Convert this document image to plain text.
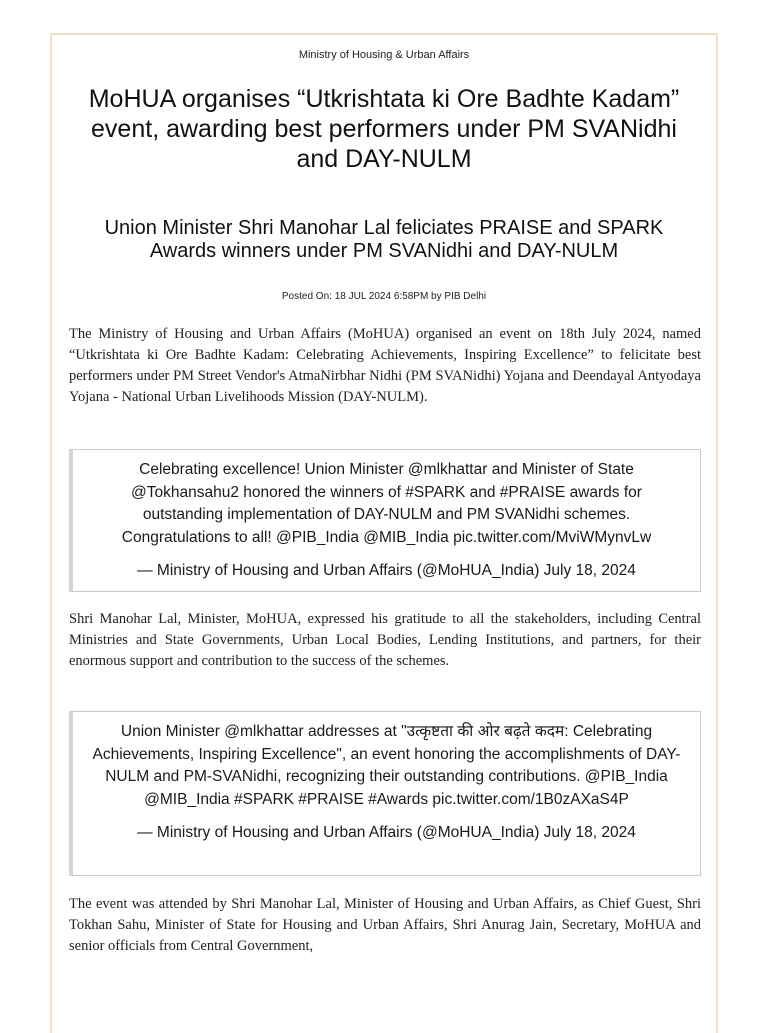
Ministry of Housing & Urban Affairs
MoHUA organises “Utkrishtata ki Ore Badhte Kadam” event, awarding best performers under PM SVANidhi and DAY-NULM
Union Minister Shri Manohar Lal feliciates PRAISE and SPARK Awards winners under PM SVANidhi and DAY-NULM
Posted On: 18 JUL 2024 6:58PM by PIB Delhi

The Ministry of Housing and Urban Affairs (MoHUA) organised an event on 18th July 2024, named “Utkrishtata ki Ore Badhte Kadam: Celebrating Achievements, Inspiring Excellence” to felicitate best performers under PM Street Vendor's AtmaNirbhar Nidhi (PM SVANidhi) Yojana and Deendayal Antyodaya Yojana - National Urban Livelihoods Mission (DAY-NULM).

Celebrating excellence! Union Minister @mlkhattar and Minister of State @Tokhansahu2 honored the winners of #SPARK and #PRAISE awards for outstanding implementation of DAY-NULM and PM SVANidhi schemes. Congratulations to all! @PIB_India @MIB_India pic.twitter.com/MviWMynvLw

— Ministry of Housing and Urban Affairs (@MoHUA_India) July 18, 2024

Shri Manohar Lal, Minister, MoHUA, expressed his gratitude to all the stakeholders, including Central Ministries and State Governments, Urban Local Bodies, Lending Institutions, and partners, for their enormous support and contribution to the success of the schemes.

Union Minister @mlkhattar addresses at "उत्कृष्टता की ओर बढ़ते कदम: Celebrating Achievements, Inspiring Excellence", an event honoring the accomplishments of DAY-NULM and PM-SVANidhi, recognizing their outstanding contributions. @PIB_India @MIB_India #SPARK #PRAISE #Awards pic.twitter.com/1B0zAXaS4P

— Ministry of Housing and Urban Affairs (@MoHUA_India) July 18, 2024

The event was attended by Shri Manohar Lal, Minister of Housing and Urban Affairs, as Chief Guest, Shri Tokhan Sahu, Minister of State for Housing and Urban Affairs, Shri Anurag Jain, Secretary, MoHUA and senior officials from Central Government,
